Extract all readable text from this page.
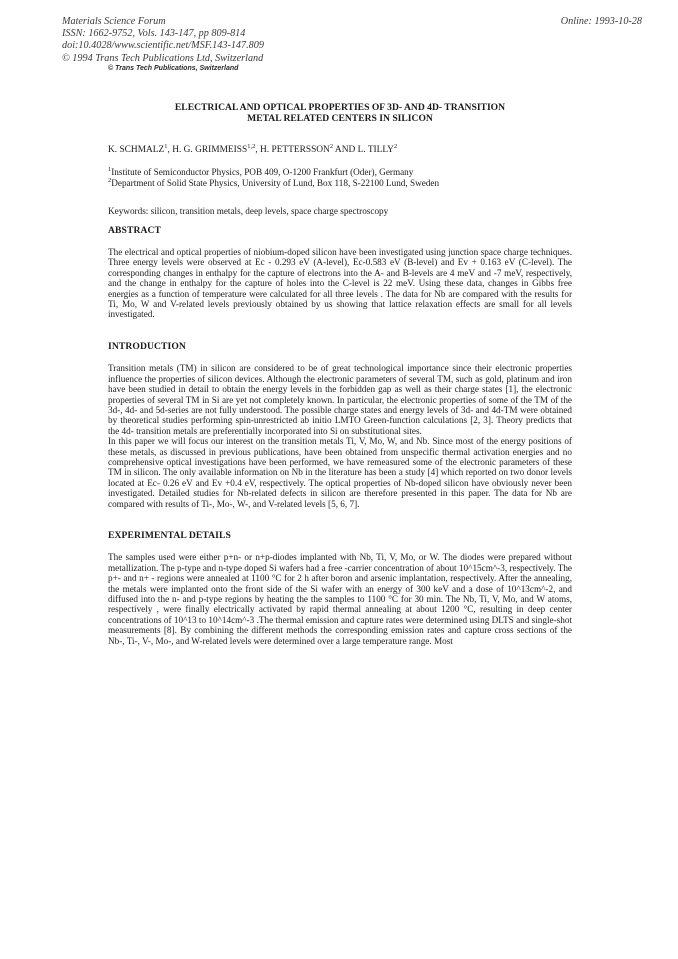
Materials Science Forum
ISSN: 1662-9752, Vols. 143-147, pp 809-814
doi:10.4028/www.scientific.net/MSF.143-147.809
© 1994 Trans Tech Publications Ltd, Switzerland
Online: 1993-10-28
© Trans Tech Publications, Switzerland
ELECTRICAL AND OPTICAL PROPERTIES OF 3D- AND 4D- TRANSITION
METAL RELATED CENTERS IN SILICON
K. SCHMALZ$^1$, H. G. GRIMMEISS$^{1,2}$, H. PETTERSSON$^2$ AND L. TILLY$^2$
$^1$Institute of Semiconductor Physics, POB 409, O-1200 Frankfurt (Oder), Germany
$^2$Department of Solid State Physics, University of Lund, Box 118, S-22100 Lund, Sweden
Keywords: silicon, transition metals, deep levels, space charge spectroscopy
ABSTRACT
The electrical and optical properties of niobium-doped silicon have been investigated using junction space charge techniques. Three energy levels were observed at Ec - 0.293 eV (A-level), Ec-0.583 eV (B-level) and Ev + 0.163 eV (C-level). The corresponding changes in enthalpy for the capture of electrons into the A- and B-levels are 4 meV and -7 meV, respectively, and the change in enthalpy for the capture of holes into the C-level is 22 meV. Using these data, changes in Gibbs free energies as a function of temperature were calculated for all three levels . The data for Nb are compared with the results for Ti, Mo, W and V-related levels previously obtained by us showing that lattice relaxation effects are small for all levels investigated.
INTRODUCTION
Transition metals (TM) in silicon are considered to be of great technological importance since their electronic properties influence the properties of silicon devices. Although the electronic parameters of several TM, such as gold, platinum and iron have been studied in detail to obtain the energy levels in the forbidden gap as well as their charge states [1], the electronic properties of several TM in Si are yet not completely known. In particular, the electronic properties of some of the TM of the 3d-, 4d- and 5d-series are not fully understood. The possible charge states and energy levels of 3d- and 4d-TM were obtained by theoretical studies performing spin-unrestricted ab initio LMTO Green-function calculations [2, 3]. Theory predicts that the 4d- transition metals are preferentially incorporated into Si on substitutional sites.
In this paper we will focus our interest on the transition metals Ti, V, Mo, W, and Nb. Since most of the energy positions of these metals, as discussed in previous publications, have been obtained from unspecific thermal activation energies and no comprehensive optical investigations have been performed, we have remeasured some of the electronic parameters of these TM in silicon. The only available information on Nb in the literature has been a study [4] which reported on two donor levels located at Ec- 0.26 eV and Ev +0.4 eV, respectively. The optical properties of Nb-doped silicon have obviously never been investigated. Detailed studies for Nb-related defects in silicon are therefore presented in this paper. The data for Nb are compared with results of Ti-, Mo-, W-, and V-related levels [5, 6, 7].
EXPERIMENTAL DETAILS
The samples used were either p+n- or n+p-diodes implanted with Nb, Ti, V, Mo, or W. The diodes were prepared without metallization. The p-type and n-type doped Si wafers had a free -carrier concentration of about 10^15cm^-3, respectively. The p+- and n+ - regions were annealed at 1100 °C for 2 h after boron and arsenic implantation, respectively. After the annealing, the metals were implanted onto the front side of the Si wafer with an energy of 300 keV and a dose of 10^13cm^-2, and diffused into the n- and p-type regions by heating the the samples to 1100 °C for 30 min. The Nb, Ti, V, Mo, and W atoms, respectively , were finally electrically activated by rapid thermal annealing at about 1200 °C, resulting in deep center concentrations of 10^13 to 10^14cm^-3 .The thermal emission and capture rates were determined using DLTS and single-shot measurements [8]. By combining the different methods the corresponding emission rates and capture cross sections of the Nb-, Ti-, V-, Mo-, and W-related levels were determined over a large temperature range. Most
